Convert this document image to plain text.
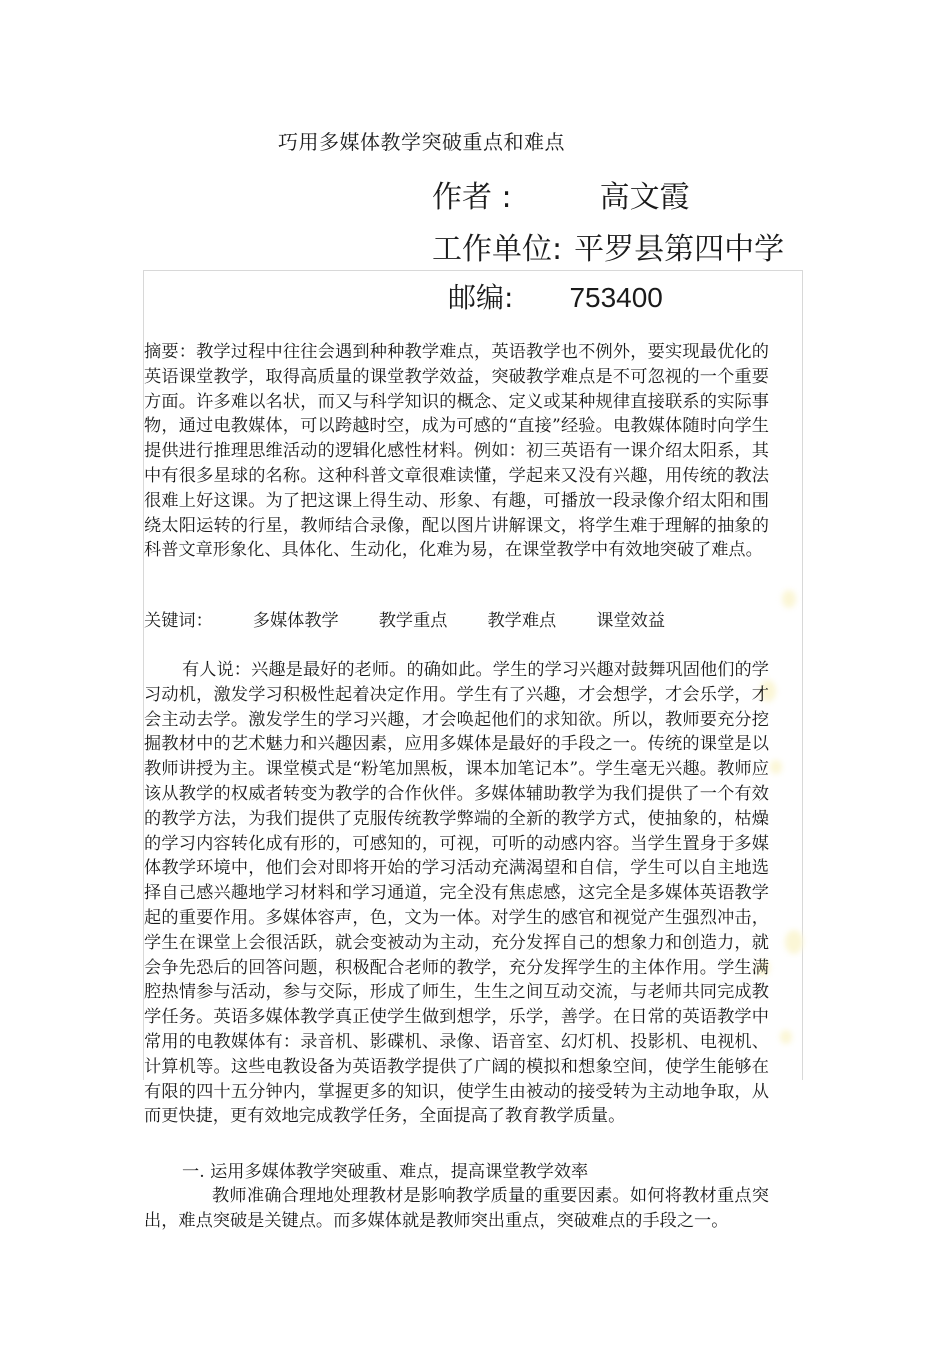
巧用多媒体教学突破重点和难点
作者 :	高文霞
工作单位: 平罗县第四中学
邮编: 753400

摘要：教学过程中往往会遇到种种教学难点，英语教学也不例外，要实现最优化的英语课堂教学，取得高质量的课堂教学效益，突破教学难点是不可忽视的一个重要方面。许多难以名状，而又与科学知识的概念、定义或某种规律直接联系的实际事物，通过电教媒体，可以跨越时空，成为可感的“直接”经验。电教媒体随时向学生提供进行推理思维活动的逻辑化感性材料。例如：初三英语有一课介绍太阳系，其中有很多星球的名称。这种科普文章很难读懂，学起来又没有兴趣，用传统的教法很难上好这课。为了把这课上得生动、形象、有趣，可播放一段录像介绍太阳和围绕太阳运转的行星，教师结合录像，配以图片讲解课文，将学生难于理解的抽象的科普文章形象化、具体化、生动化，化难为易，在课堂教学中有效地突破了难点。

关键词： 多媒体教学 教学重点 教学难点 课堂效益

有人说：兴趣是最好的老师。的确如此。学生的学习兴趣对鼓舞巩固他们的学习动机，激发学习积极性起着决定作用。学生有了兴趣，才会想学，才会乐学，才会主动去学。激发学生的学习兴趣，才会唤起他们的求知欲。所以，教师要充分挖掘教材中的艺术魅力和兴趣因素，应用多媒体是最好的手段之一。传统的课堂是以教师讲授为主。课堂模式是“粉笔加黑板，课本加笔记本”。学生毫无兴趣。教师应该从教学的权威者转变为教学的合作伙伴。多媒体辅助教学为我们提供了一个有效的教学方法，为我们提供了克服传统教学弊端的全新的教学方式，使抽象的，枯燥的学习内容转化成有形的，可感知的，可视，可听的动感内容。当学生置身于多媒体教学环境中，他们会对即将开始的学习活动充满渴望和自信，学生可以自主地选择自己感兴趣地学习材料和学习通道，完全没有焦虑感，这完全是多媒体英语教学起的重要作用。多媒体容声，色，文为一体。对学生的感官和视觉产生强烈冲击，学生在课堂上会很活跃，就会变被动为主动，充分发挥自己的想象力和创造力，就会争先恐后的回答问题，积极配合老师的教学，充分发挥学生的主体作用。学生满腔热情参与活动，参与交际，形成了师生，生生之间互动交流，与老师共同完成教学任务。英语多媒体教学真正使学生做到想学，乐学，善学。在日常的英语教学中常用的电教媒体有：录音机、影碟机、录像、语音室、幻灯机、投影机、电视机、计算机等。这些电教设备为英语教学提供了广阔的模拟和想象空间，使学生能够在有限的四十五分钟内，掌握更多的知识，使学生由被动的接受转为主动地争取，从而更快捷，更有效地完成教学任务，全面提高了教育教学质量。

一. 运用多媒体教学突破重、难点，提高课堂教学效率

教师准确合理地处理教材是影响教学质量的重要因素。如何将教材重点突出，难点突破是关键点。而多媒体就是教师突出重点，突破难点的手段之一。
